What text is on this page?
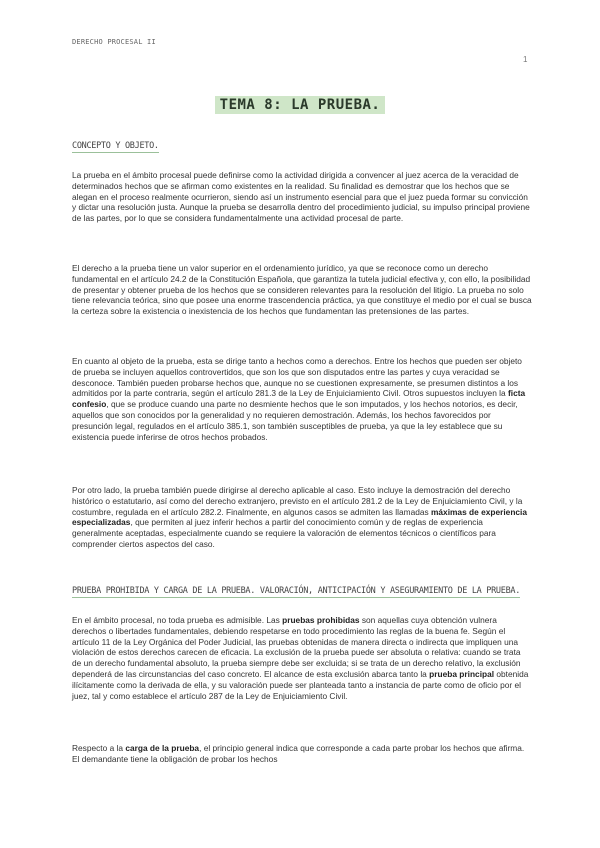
DERECHO PROCESAL II
1
TEMA 8: LA PRUEBA.
CONCEPTO Y OBJETO.
La prueba en el ámbito procesal puede definirse como la actividad dirigida a convencer al juez acerca de la veracidad de determinados hechos que se afirman como existentes en la realidad. Su finalidad es demostrar que los hechos que se alegan en el proceso realmente ocurrieron, siendo así un instrumento esencial para que el juez pueda formar su convicción y dictar una resolución justa. Aunque la prueba se desarrolla dentro del procedimiento judicial, su impulso principal proviene de las partes, por lo que se considera fundamentalmente una actividad procesal de parte.
El derecho a la prueba tiene un valor superior en el ordenamiento jurídico, ya que se reconoce como un derecho fundamental en el artículo 24.2 de la Constitución Española, que garantiza la tutela judicial efectiva y, con ello, la posibilidad de presentar y obtener prueba de los hechos que se consideren relevantes para la resolución del litigio. La prueba no solo tiene relevancia teórica, sino que posee una enorme trascendencia práctica, ya que constituye el medio por el cual se busca la certeza sobre la existencia o inexistencia de los hechos que fundamentan las pretensiones de las partes.
En cuanto al objeto de la prueba, esta se dirige tanto a hechos como a derechos. Entre los hechos que pueden ser objeto de prueba se incluyen aquellos controvertidos, que son los que son disputados entre las partes y cuya veracidad se desconoce. También pueden probarse hechos que, aunque no se cuestionen expresamente, se presumen distintos a los admitidos por la parte contraria, según el artículo 281.3 de la Ley de Enjuiciamiento Civil. Otros supuestos incluyen la ficta confesio, que se produce cuando una parte no desmiente hechos que le son imputados, y los hechos notorios, es decir, aquellos que son conocidos por la generalidad y no requieren demostración. Además, los hechos favorecidos por presunción legal, regulados en el artículo 385.1, son también susceptibles de prueba, ya que la ley establece que su existencia puede inferirse de otros hechos probados.
Por otro lado, la prueba también puede dirigirse al derecho aplicable al caso. Esto incluye la demostración del derecho histórico o estatutario, así como del derecho extranjero, previsto en el artículo 281.2 de la Ley de Enjuiciamiento Civil, y la costumbre, regulada en el artículo 282.2. Finalmente, en algunos casos se admiten las llamadas máximas de experiencia especializadas, que permiten al juez inferir hechos a partir del conocimiento común y de reglas de experiencia generalmente aceptadas, especialmente cuando se requiere la valoración de elementos técnicos o científicos para comprender ciertos aspectos del caso.
PRUEBA PROHIBIDA Y CARGA DE LA PRUEBA. VALORACIÓN, ANTICIPACIÓN Y ASEGURAMIENTO DE LA PRUEBA.
En el ámbito procesal, no toda prueba es admisible. Las pruebas prohibidas son aquellas cuya obtención vulnera derechos o libertades fundamentales, debiendo respetarse en todo procedimiento las reglas de la buena fe. Según el artículo 11 de la Ley Orgánica del Poder Judicial, las pruebas obtenidas de manera directa o indirecta que impliquen una violación de estos derechos carecen de eficacia. La exclusión de la prueba puede ser absoluta o relativa: cuando se trata de un derecho fundamental absoluto, la prueba siempre debe ser excluida; si se trata de un derecho relativo, la exclusión dependerá de las circunstancias del caso concreto. El alcance de esta exclusión abarca tanto la prueba principal obtenida ilícitamente como la derivada de ella, y su valoración puede ser planteada tanto a instancia de parte como de oficio por el juez, tal y como establece el artículo 287 de la Ley de Enjuiciamiento Civil.
Respecto a la carga de la prueba, el principio general indica que corresponde a cada parte probar los hechos que afirma. El demandante tiene la obligación de probar los hechos
